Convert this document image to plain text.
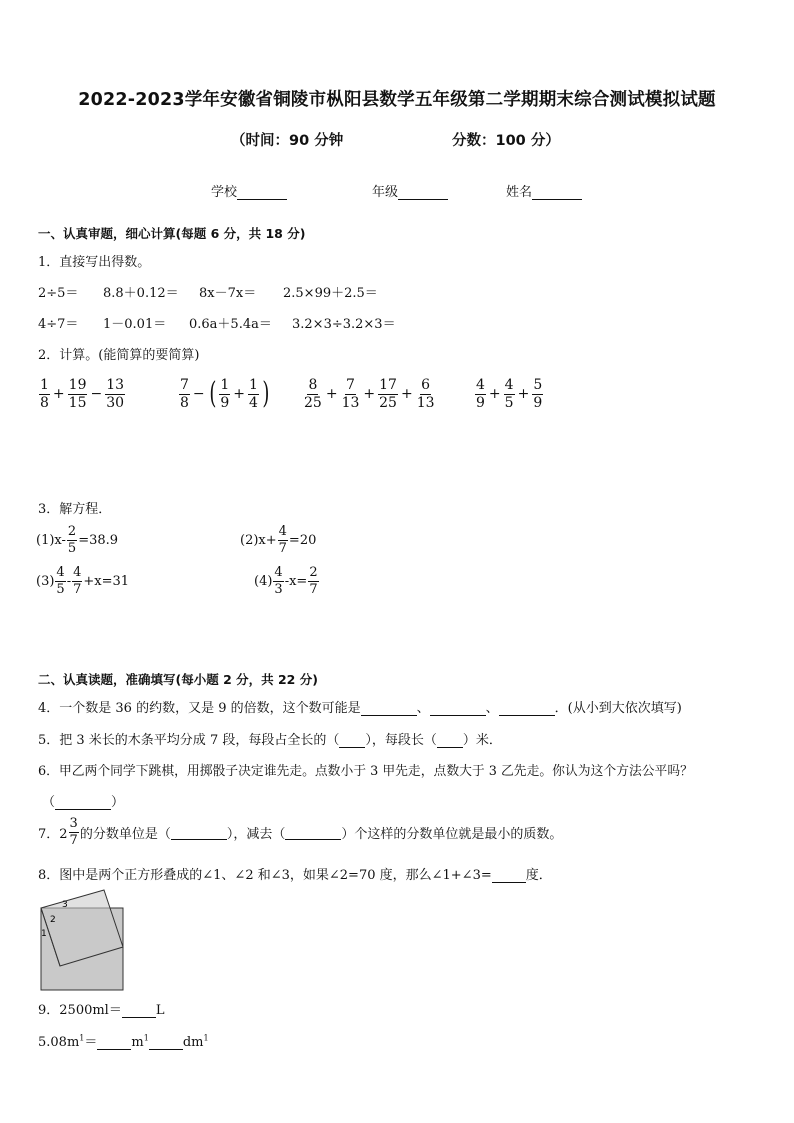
2022-2023学年安徽省铜陵市枞阳县数学五年级第二学期期末综合测试模拟试题
（时间：90 分钟	分数：100 分）
学校	年级	姓名
一、认真审题，细心计算(每题 6 分，共 18 分)
1．直接写出得数。
2÷5＝ 8.8＋0.12＝ 8x－7x＝ 2.5×99＋2.5＝
4÷7＝ 1－0.01＝ 0.6a＋5.4a＝ 3.2×3÷3.2×3＝
2．计算。(能简算的要简算)
$\frac{1}{8} + \frac{19}{15} - \frac{13}{30}$	$\frac{7}{8}$ − ( $\frac{1}{9} + \frac{1}{4}$ ) $\frac{8}{25} + \frac{7}{13} + \frac{17}{25} + \frac{6}{13}$	$\frac{4}{9} + \frac{4}{5} + \frac{5}{9}$
3．解方程．
$(1)x- \frac{2}{5} =38.9$	$(2)x+ \frac{4}{7} =20$
$(3) \frac{4}{5} - \frac{4}{7} +x=31$	$(4) \frac{4}{3} -x= \frac{2}{7}$
二、认真读题，准确填写(每小题 2 分，共 22 分)
4．一个数是 36 的约数，又是 9 的倍数，这个数可能是	、	、	．(从小到大依次填写)
5．把 3 米长的木条平均分成 7 段，每段占全长的（ ），每段长（ ）米．
6．甲乙两个同学下跳棋，用掷骰子决定谁先走。点数小于 3 甲先走，点数大于 3 乙先走。你认为这个方法公平吗？
（	）
7．$2 \frac{3}{7}$ 的分数单位是（	），减去（	）个这样的分数单位就是最小的质数。
8．图中是两个正方形叠成的∠1、∠2 和∠3，如果∠2=70 度，那么∠1+∠3=	度．
3
2
1
9．2500ml＝	L
$5.08m^1=$	$m^1$	$dm^1$
